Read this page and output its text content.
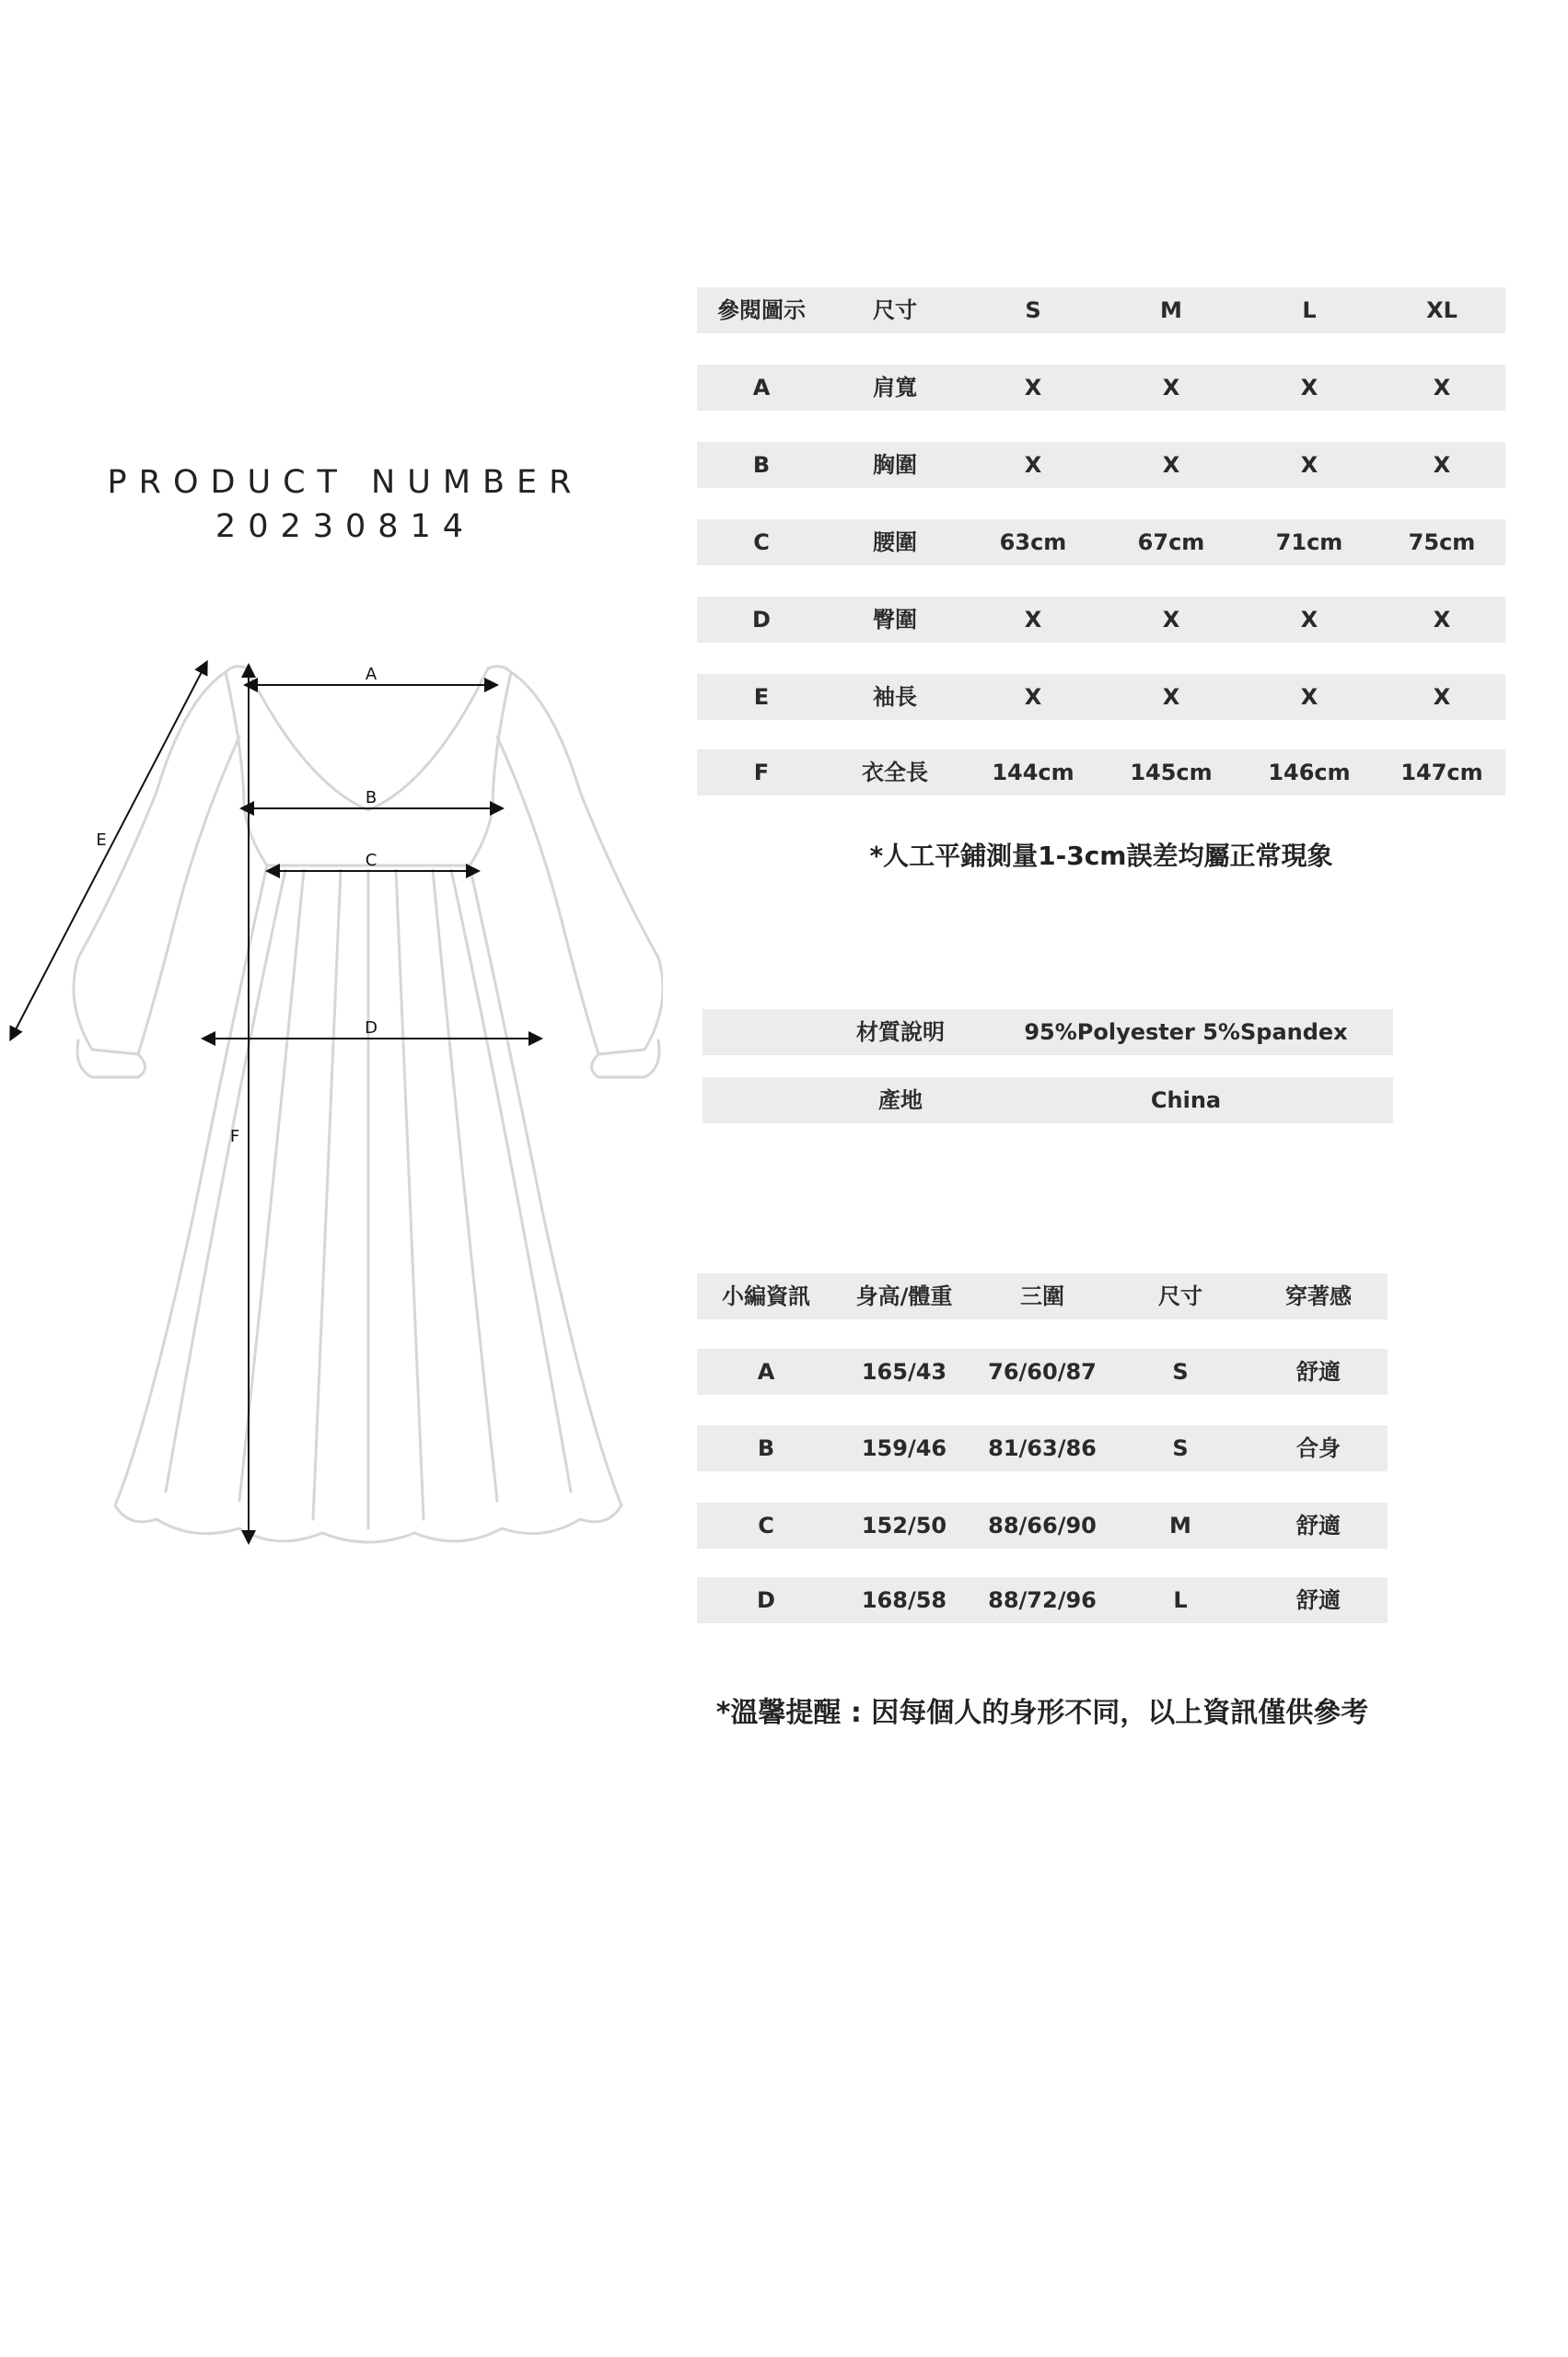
PRODUCT NUMBER
20230814
A
B
C
D
E
F
參閱圖示	尺寸	S	M	L	XL
A	肩寬	X	X	X	X
B	胸圍	X	X	X	X
C	腰圍	63cm	67cm	71cm	75cm
D	臀圍	X	X	X	X
E	袖長	X	X	X	X
F	衣全長	144cm	145cm	146cm	147cm
*人工平鋪測量1-3cm誤差均屬正常現象
材質說明	95%Polyester 5%Spandex
產地	China
小編資訊	身高/體重	三圍	尺寸	穿著感
A	165/43	76/60/87	S	舒適
B	159/46	81/63/86	S	合身
C	152/50	88/66/90	M	舒適
D	168/58	88/72/96	L	舒適
*溫馨提醒 : 因每個人的身形不同，以上資訊僅供參考
